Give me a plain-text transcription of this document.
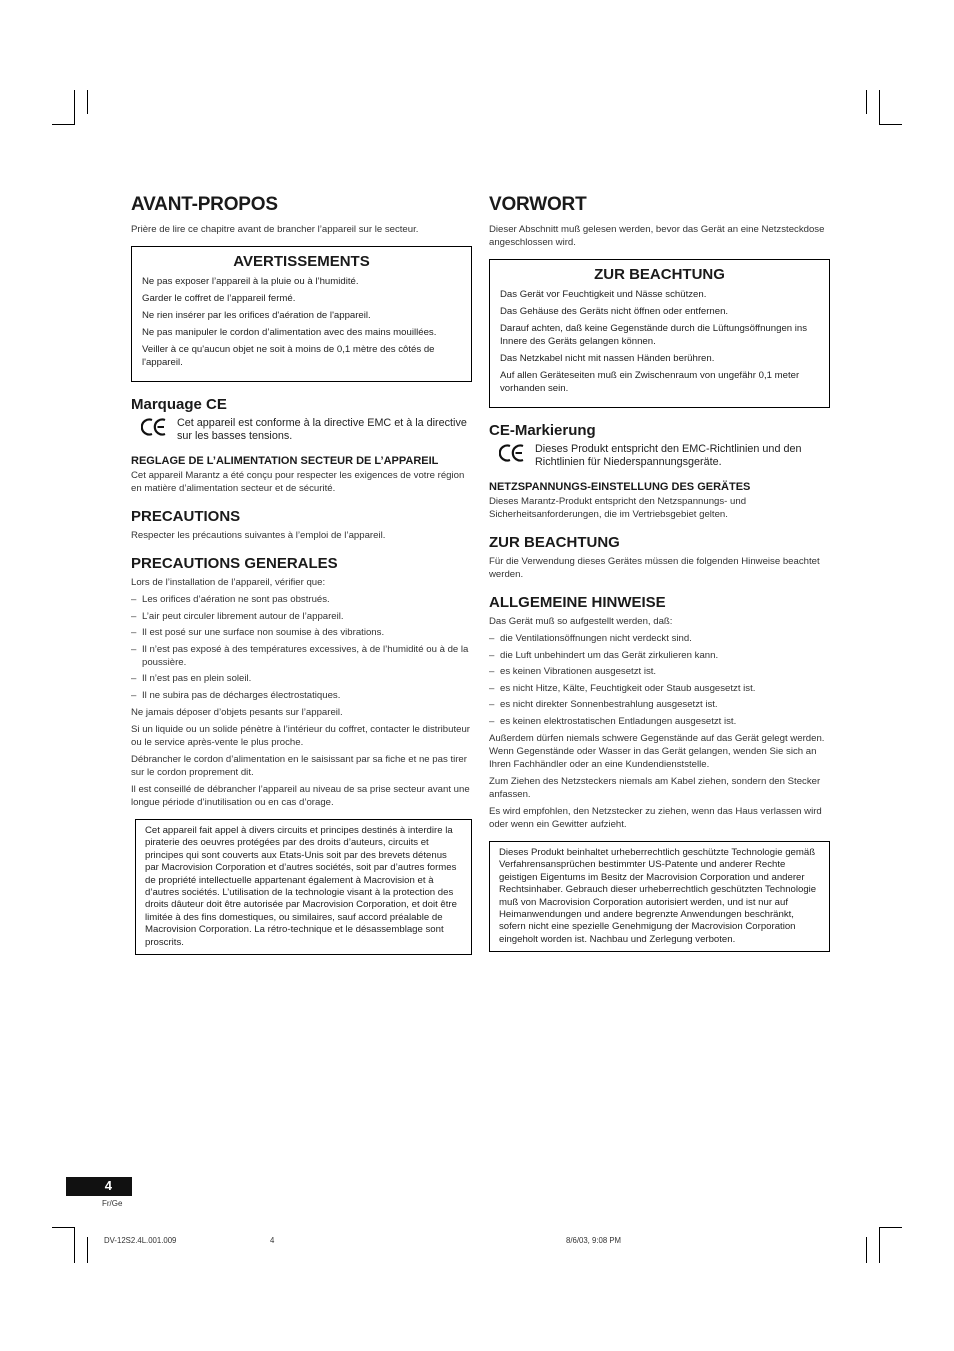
AVANT-PROPOS

Prière de lire ce chapitre avant de brancher l’appareil sur le secteur.

AVERTISSEMENTS

Ne pas exposer l’appareil à la pluie ou à l’humidité.

Garder le coffret de l’appareil fermé.

Ne rien insérer par les orifices d'aération de l'appareil.

Ne pas manipuler le cordon d’alimentation avec des mains mouillées.

Veiller à ce qu'aucun objet ne soit à moins de 0,1 mètre des côtés de l'appareil.

Marquage CE
Cet appareil est conforme à la directive EMC et à la directive sur les basses tensions.
REGLAGE DE L’ALIMENTATION SECTEUR DE L’APPAREIL

Cet appareil Marantz a été conçu pour respecter les exigences de votre région en matière d’alimentation secteur et de sécurité.

PRECAUTIONS

Respecter les précautions suivantes à l’emploi de l’appareil.

PRECAUTIONS GENERALES

Lors de l’installation de l’appareil, vérifier que:

– Les orifices d’aération ne sont pas obstrués.
– L’air peut circuler librement autour de l’appareil.
– Il est posé sur une surface non soumise à des vibrations.
– Il n’est pas exposé à des températures excessives, à de l’humidité ou à de la poussière.
– Il n’est pas en plein soleil.
– Il ne subira pas de décharges électrostatiques.

Ne jamais déposer d’objets pesants sur l’appareil.

Si un liquide ou un solide pénètre à l’intérieur du coffret, contacter le distributeur ou le service après-vente le plus proche.

Débrancher le cordon d’alimentation en le saisissant par sa fiche et ne pas tirer sur le cordon proprement dit.

Il est conseillé de débrancher l’appareil au niveau de sa prise secteur avant une longue période d’inutilisation ou en cas d’orage.

Cet appareil fait appel à divers circuits et principes destinés à interdire la piraterie des oeuvres protégées par des droits d’auteurs, circuits et principes qui sont couverts aux Etats-Unis soit par des brevets détenus par Macrovision Corporation et d’autres sociétés, soit par d’autres formes de propriété intellectuelle appartenant également à Macrovision et à d’autres sociétés. L’utilisation de la technologie visant à la protection des droits dâuteur doit être autorisée par Macrovision Corporation, et doit être limitée à des fins domestiques, ou similaires, sauf accord préalable de Macrovision Corporation. La rétro-technique et le désassemblage sont proscrits.

VORWORT

Dieser Abschnitt muß gelesen werden, bevor das Gerät an eine Netzsteckdose angeschlossen wird.

ZUR BEACHTUNG

Das Gerät vor Feuchtigkeit und Nässe schützen.

Das Gehäuse des Geräts nicht öffnen oder entfernen.

Darauf achten, daß keine Gegenstände durch die Lüftungsöffnungen ins Innere des Geräts gelangen können.

Das Netzkabel nicht mit nassen Händen berühren.

Auf allen Geräteseiten muß ein Zwischenraum von ungefähr 0,1 meter vorhanden sein.

CE-Markierung
Dieses Produkt entspricht den EMC-Richtlinien und den Richtlinien für Niederspannungsgeräte.
NETZSPANNUNGS-EINSTELLUNG DES GERÄTES

Dieses Marantz-Produkt entspricht den Netzspannungs- und Sicherheitsanforderungen, die im Vertriebsgebiet gelten.

ZUR BEACHTUNG

Für die Verwendung dieses Gerätes müssen die folgenden Hinweise beachtet werden.

ALLGEMEINE HINWEISE

Das Gerät muß so aufgestellt werden, daß:

– die Ventilationsöffnungen nicht verdeckt sind.
– die Luft unbehindert um das Gerät zirkulieren kann.
– es keinen Vibrationen ausgesetzt ist.
– es nicht Hitze, Kälte, Feuchtigkeit oder Staub ausgesetzt ist.
– es nicht direkter Sonnenbestrahlung ausgesetzt ist.
– es keinen elektrostatischen Entladungen ausgesetzt ist.

Außerdem dürfen niemals schwere Gegenstände auf das Gerät gelegt werden. Wenn Gegenstände oder Wasser in das Gerät gelangen, wenden Sie sich an Ihren Fachhändler oder an eine Kundendienststelle.

Zum Ziehen des Netzsteckers niemals am Kabel ziehen, sondern den Stecker anfassen.

Es wird empfohlen, den Netzstecker zu ziehen, wenn das Haus verlassen wird oder wenn ein Gewitter aufzieht.

Dieses Produkt beinhaltet urheberrechtlich geschützte Technologie gemäß Verfahrensansprüchen bestimmter US-Patente und anderer Rechte geistigen Eigentums im Besitz der Macrovision Corporation und anderer Rechtsinhaber. Gebrauch dieser urheberrechtlich geschützten Technologie muß von Macrovision Corporation autorisiert werden, und ist nur auf Heimanwendungen und andere begrenzte Anwendungen beschränkt, sofern nicht eine spezielle Genehmigung der Macrovision Corporation eingeholt worden ist. Nachbau und Zerlegung verboten.

4
Fr/Ge
DV-12S2.4L.001.009	4	8/6/03, 9:08 PM
